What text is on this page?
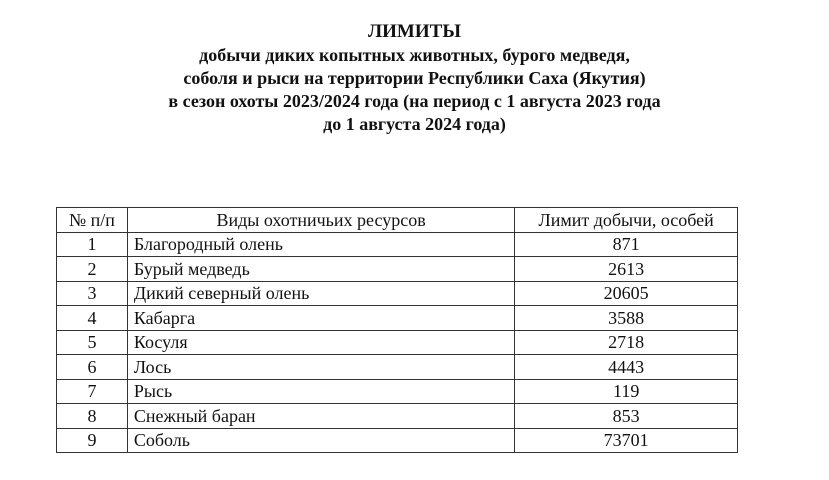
ЛИМИТЫ
добычи диких копытных животных, бурого медведя,
соболя и рыси на территории Республики Саха (Якутия)
в сезон охоты 2023/2024 года (на период с 1 августа 2023 года
до 1 августа 2024 года)
№ п/п	Виды охотничьих ресурсов	Лимит добычи, особей
1	Благородный олень	871
2	Бурый медведь	2613
3	Дикий северный олень	20605
4	Кабарга	3588
5	Косуля	2718
6	Лось	4443
7	Рысь	119
8	Снежный баран	853
9	Соболь	73701
